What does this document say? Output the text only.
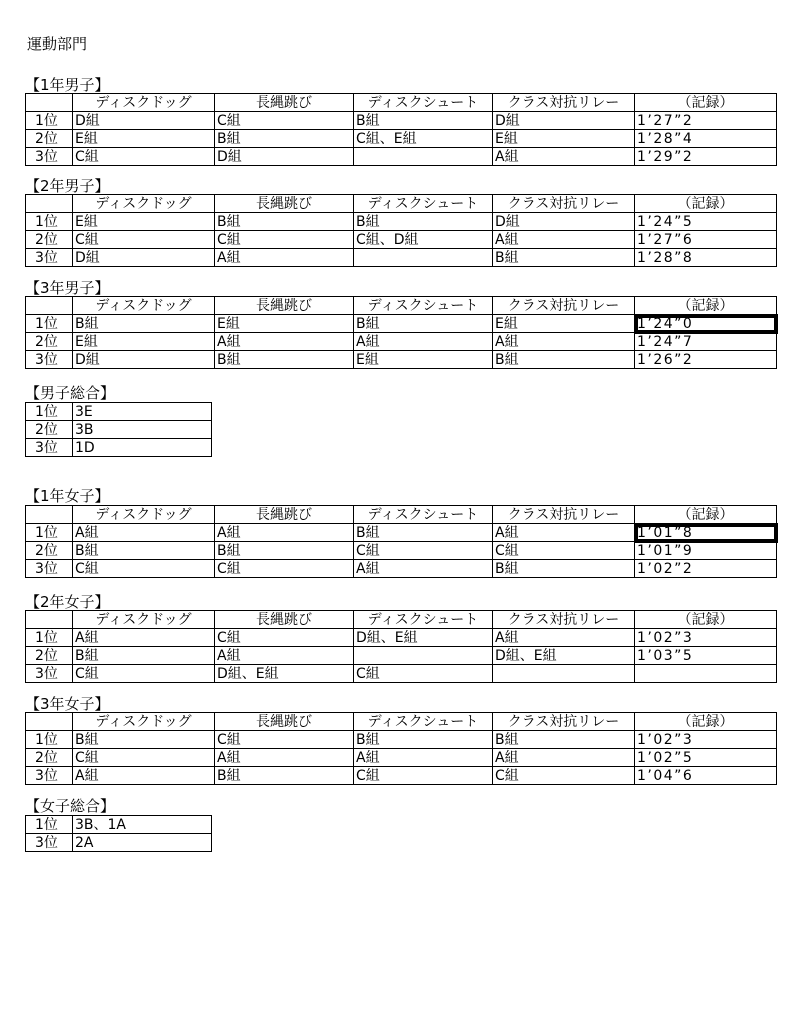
運動部門
【1年男子】
	ディスクドッグ	長縄跳び	ディスクシュート	クラス対抗リレー	（記録）
1位	D組	C組	B組	D組	1’27”2
2位	E組	B組	C組、E組	E組	1’28”4
3位	C組	D組		A組	1’29”2
【2年男子】
	ディスクドッグ	長縄跳び	ディスクシュート	クラス対抗リレー	（記録）
1位	E組	B組	B組	D組	1’24”5
2位	C組	C組	C組、D組	A組	1’27”6
3位	D組	A組		B組	1’28”8
【3年男子】
	ディスクドッグ	長縄跳び	ディスクシュート	クラス対抗リレー	（記録）
1位	B組	E組	B組	E組	1’24”0
2位	E組	A組	A組	A組	1’24”7
3位	D組	B組	E組	B組	1’26”2
【男子総合】
1位	3E
2位	3B
3位	1D
【1年女子】
	ディスクドッグ	長縄跳び	ディスクシュート	クラス対抗リレー	（記録）
1位	A組	A組	B組	A組	1’01”8
2位	B組	B組	C組	C組	1’01”9
3位	C組	C組	A組	B組	1’02”2
【2年女子】
	ディスクドッグ	長縄跳び	ディスクシュート	クラス対抗リレー	（記録）
1位	A組	C組	D組、E組	A組	1’02”3
2位	B組	A組		D組、E組	1’03”5
3位	C組	D組、E組	C組		
【3年女子】
	ディスクドッグ	長縄跳び	ディスクシュート	クラス対抗リレー	（記録）
1位	B組	C組	B組	B組	1’02”3
2位	C組	A組	A組	A組	1’02”5
3位	A組	B組	C組	C組	1’04”6
【女子総合】
1位	3B、1A
3位	2A
